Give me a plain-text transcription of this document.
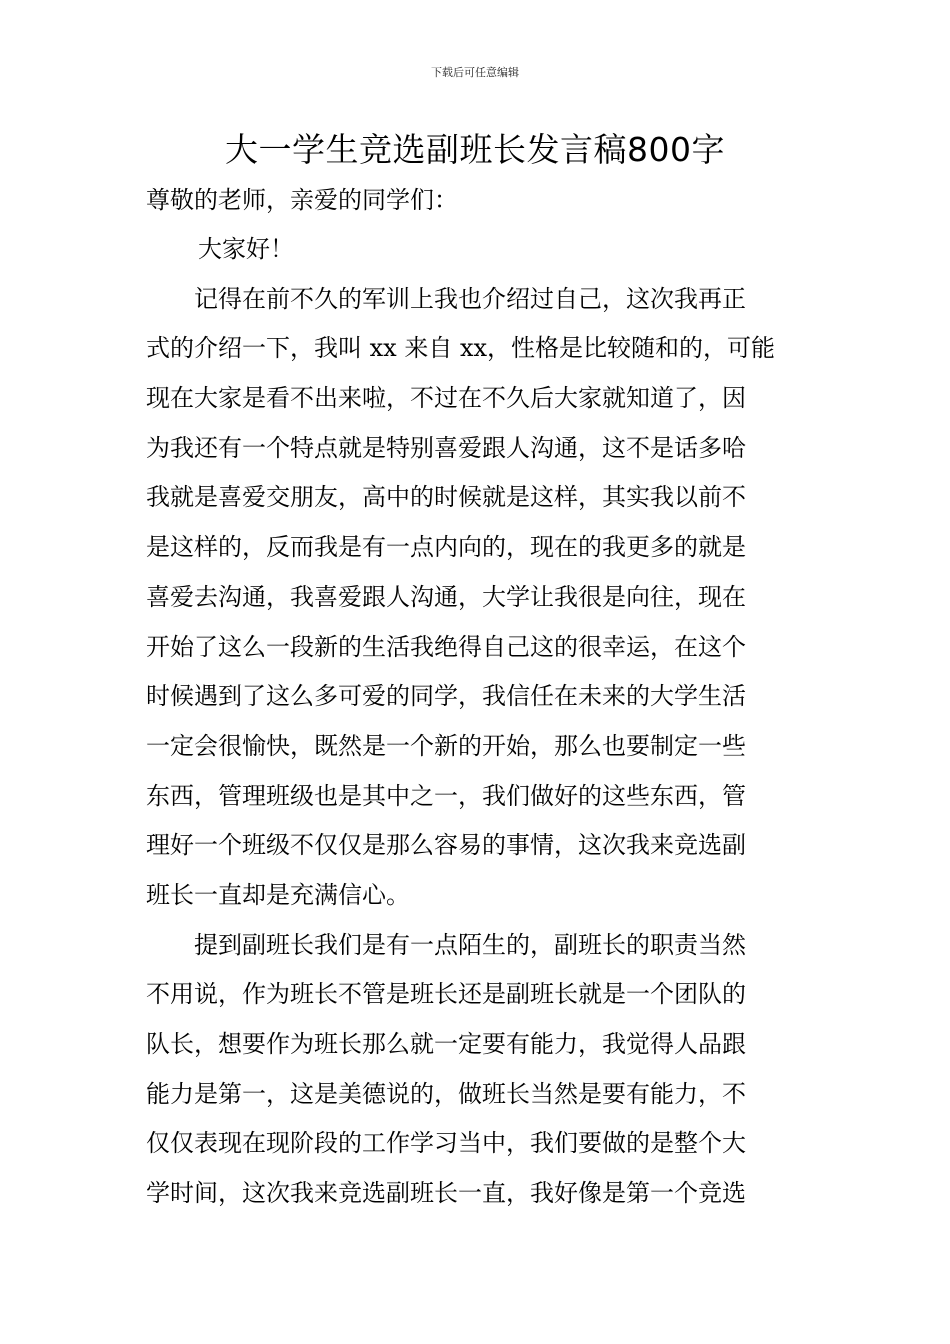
下载后可任意编辑
大一学生竞选副班长发言稿800字
尊敬的老师，亲爱的同学们：

大家好！

记得在前不久的军训上我也介绍过自己，这次我再正
式的介绍一下，我叫 xx 来自 xx，性格是比较随和的，可能
现在大家是看不出来啦，不过在不久后大家就知道了，因
为我还有一个特点就是特别喜爱跟人沟通，这不是话多哈
我就是喜爱交朋友，高中的时候就是这样，其实我以前不
是这样的，反而我是有一点内向的，现在的我更多的就是
喜爱去沟通，我喜爱跟人沟通，大学让我很是向往，现在
开始了这么一段新的生活我绝得自己这的很幸运，在这个
时候遇到了这么多可爱的同学，我信任在未来的大学生活
一定会很愉快，既然是一个新的开始，那么也要制定一些
东西，管理班级也是其中之一，我们做好的这些东西，管
理好一个班级不仅仅是那么容易的事情，这次我来竞选副
班长一直却是充满信心。

提到副班长我们是有一点陌生的，副班长的职责当然
不用说，作为班长不管是班长还是副班长就是一个团队的
队长，想要作为班长那么就一定要有能力，我觉得人品跟
能力是第一，这是美德说的，做班长当然是要有能力，不
仅仅表现在现阶段的工作学习当中，我们要做的是整个大
学时间，这次我来竞选副班长一直，我好像是第一个竞选
